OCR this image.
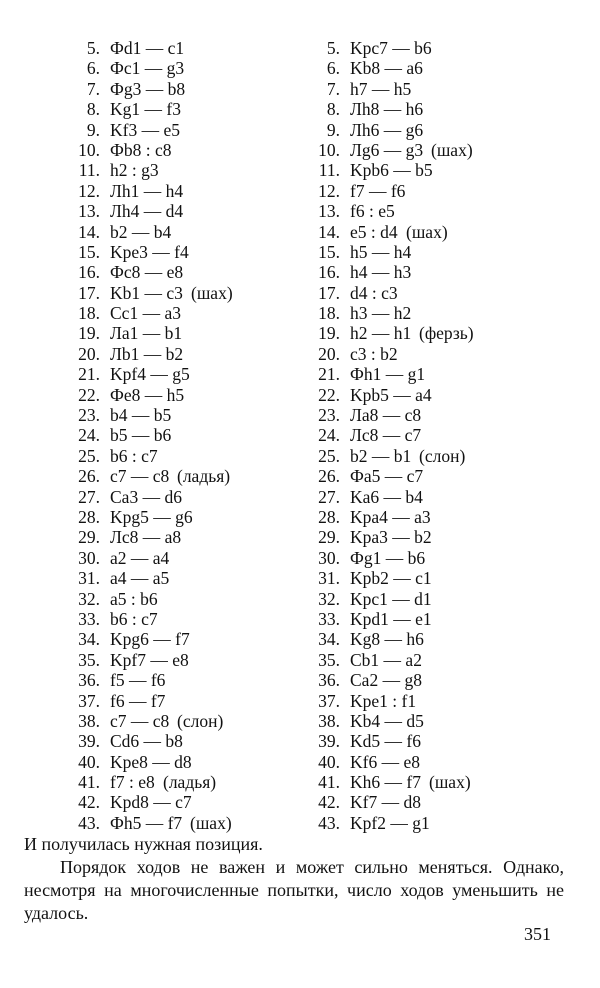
5. Фd1 — c1
6. Фc1 — g3
7. Фg3 — b8
8. Kg1 — f3
9. Kf3 — e5
10. Фb8 : c8
11. h2 : g3
12. Лh1 — h4
13. Лh4 — d4
14. b2 — b4
15. Kpe3 — f4
16. Фc8 — e8
17. Kb1 — c3 (шах)
18. Cc1 — a3
19. Лa1 — b1
20. Лb1 — b2
21. Kpf4 — g5
22. Фe8 — h5
23. b4 — b5
24. b5 — b6
25. b6 : c7
26. c7 — c8 (ладья)
27. Ca3 — d6
28. Kpg5 — g6
29. Лc8 — a8
30. a2 — a4
31. a4 — a5
32. a5 : b6
33. b6 : c7
34. Kpg6 — f7
35. Kpf7 — e8
36. f5 — f6
37. f6 — f7
38. c7 — c8 (слон)
39. Cd6 — b8
40. Kpe8 — d8
41. f7 : e8 (ладья)
42. Kpd8 — c7
43. Фh5 — f7 (шах)
5. Kpc7 — b6
6. Kb8 — a6
7. h7 — h5
8. Лh8 — h6
9. Лh6 — g6
10. Лg6 — g3 (шах)
11. Kpb6 — b5
12. f7 — f6
13. f6 : e5
14. e5 : d4 (шах)
15. h5 — h4
16. h4 — h3
17. d4 : c3
18. h3 — h2
19. h2 — h1 (ферзь)
20. c3 : b2
21. Фh1 — g1
22. Kpb5 — a4
23. Лa8 — c8
24. Лc8 — c7
25. b2 — b1 (слон)
26. Фa5 — c7
27. Ka6 — b4
28. Kpa4 — a3
29. Kpa3 — b2
30. Фg1 — b6
31. Kpb2 — c1
32. Kpc1 — d1
33. Kpd1 — e1
34. Kg8 — h6
35. Cb1 — a2
36. Ca2 — g8
37. Kpe1 : f1
38. Kb4 — d5
39. Kd5 — f6
40. Kf6 — e8
41. Kh6 — f7 (шах)
42. Kf7 — d8
43. Kpf2 — g1
И получилась нужная позиция.
Порядок ходов не важен и может сильно меняться. Однако, несмотря на многочисленные попытки, число ходов уменьшить не удалось.
351
